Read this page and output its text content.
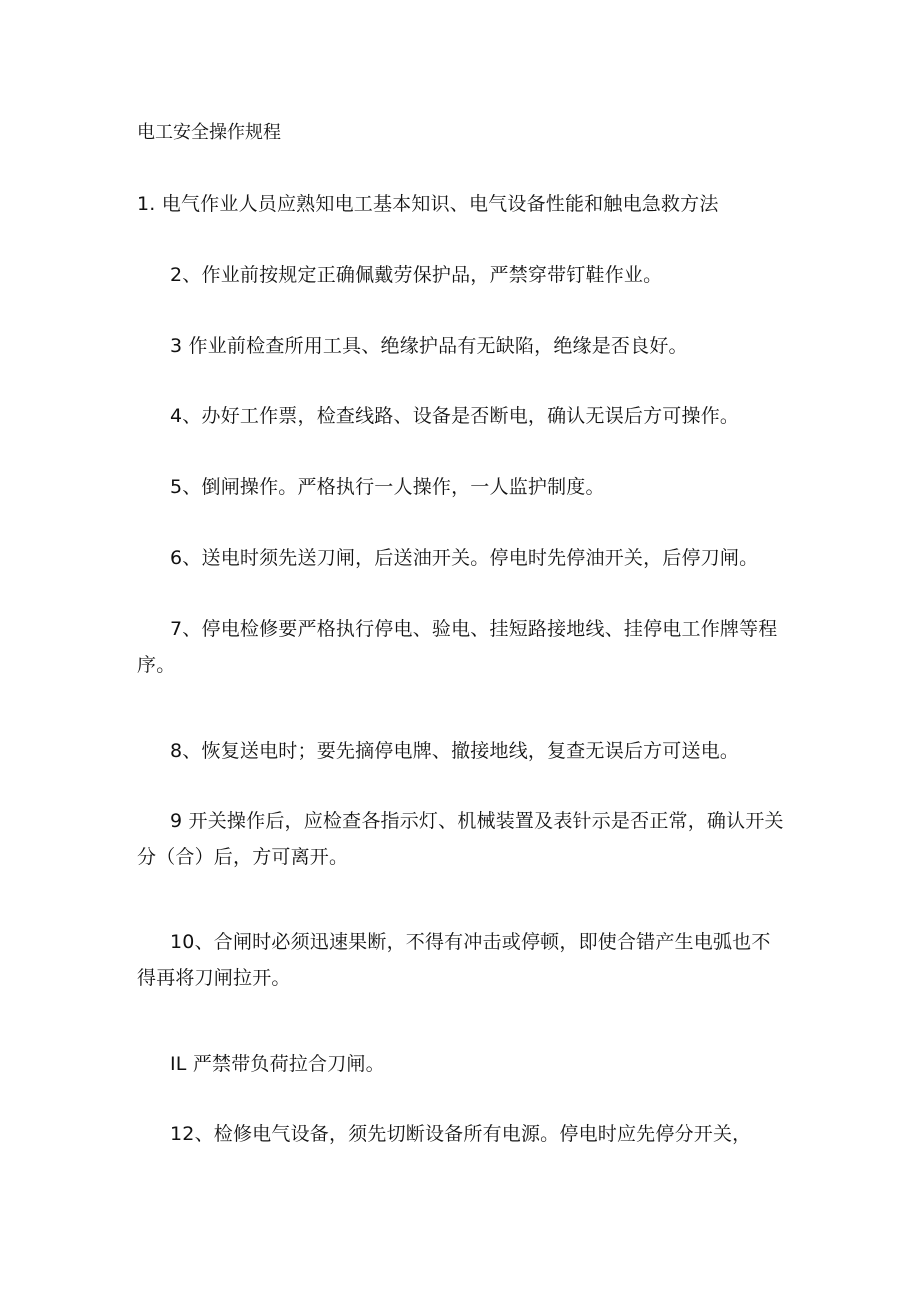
电工安全操作规程
1. 电气作业人员应熟知电工基本知识、电气设备性能和触电急救方法
2、作业前按规定正确佩戴劳保护品，严禁穿带钉鞋作业。
3 作业前检查所用工具、绝缘护品有无缺陷，绝缘是否良好。
4、办好工作票，检查线路、设备是否断电，确认无误后方可操作。
5、倒闸操作。严格执行一人操作，一人监护制度。
6、送电时须先送刀闸，后送油开关。停电时先停油开关，后停刀闸。
7、停电检修要严格执行停电、验电、挂短路接地线、挂停电工作牌等程序。
8、恢复送电时；要先摘停电牌、撤接地线，复查无误后方可送电。
9 开关操作后，应检查各指示灯、机械装置及表针示是否正常，确认开关分（合）后，方可离开。
10、合闸时必须迅速果断，不得有冲击或停顿，即使合错产生电弧也不得再将刀闸拉开。
IL 严禁带负荷拉合刀闸。
12、检修电气设备，须先切断设备所有电源。停电时应先停分开关，
